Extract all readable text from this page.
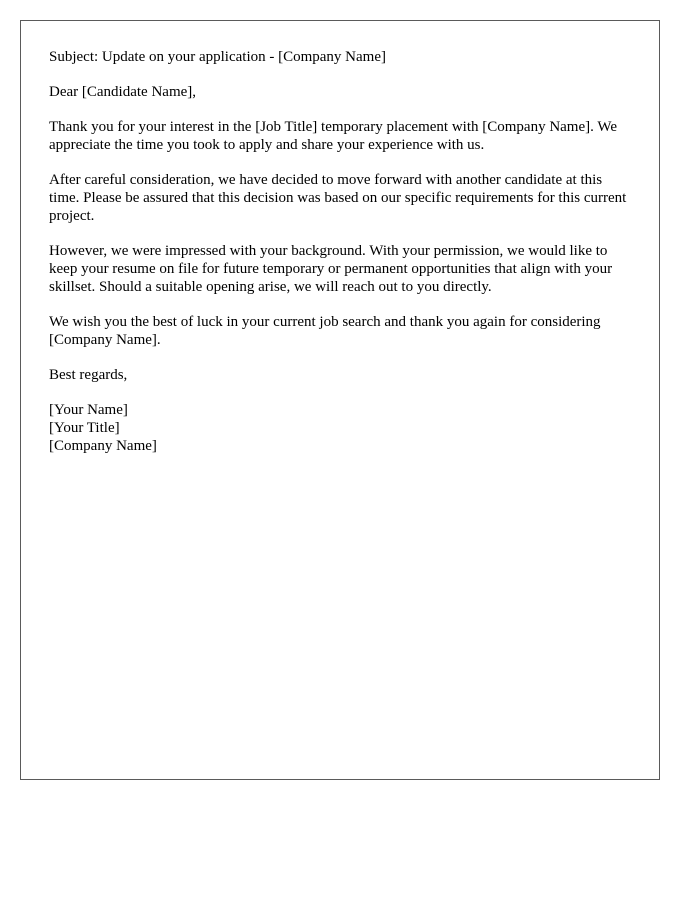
Subject: Update on your application - [Company Name]

Dear [Candidate Name],

Thank you for your interest in the [Job Title] temporary placement with [Company Name]. We appreciate the time you took to apply and share your experience with us.

After careful consideration, we have decided to move forward with another candidate at this time. Please be assured that this decision was based on our specific requirements for this current project.

However, we were impressed with your background. With your permission, we would like to keep your resume on file for future temporary or permanent opportunities that align with your skillset. Should a suitable opening arise, we will reach out to you directly.

We wish you the best of luck in your current job search and thank you again for considering [Company Name].

Best regards,

[Your Name]
[Your Title]
[Company Name]
